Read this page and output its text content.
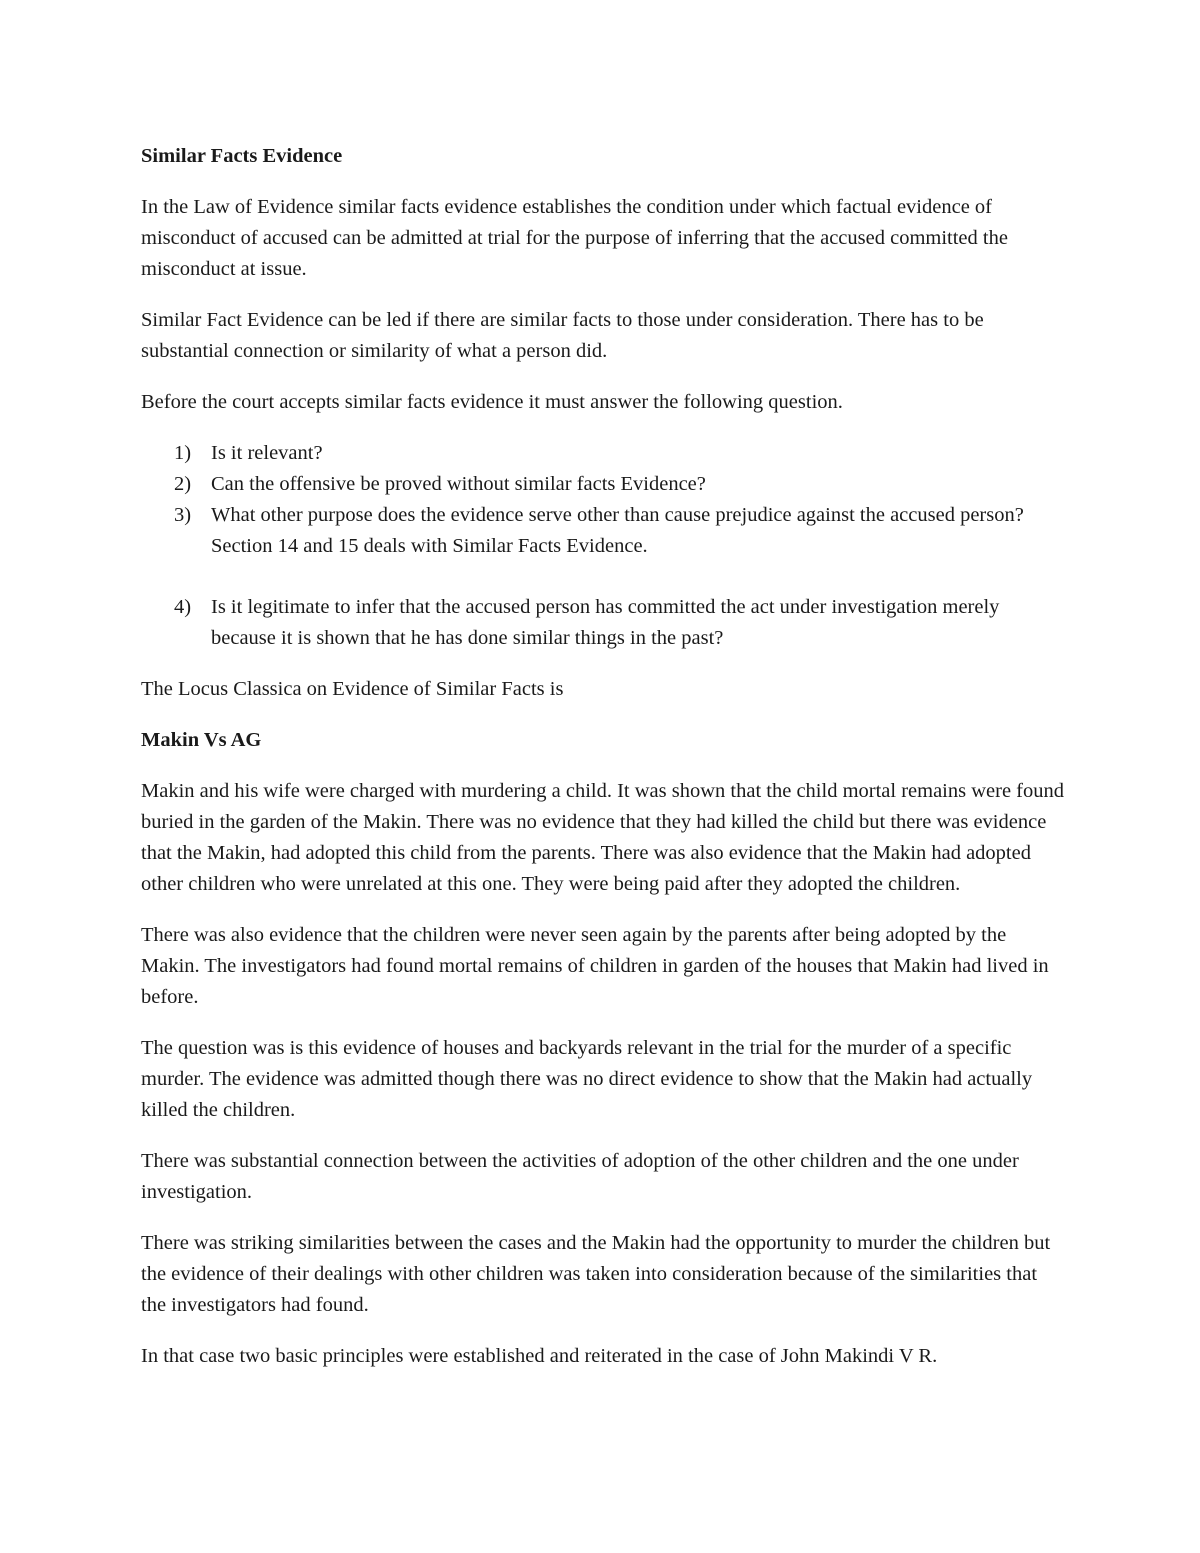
Similar Facts Evidence

In the Law of Evidence similar facts evidence establishes the condition under which factual evidence of misconduct of accused can be admitted at trial for the purpose of inferring that the accused committed the misconduct at issue.

Similar Fact Evidence can be led if there are similar facts to those under consideration. There has to be substantial connection or similarity of what a person did.

Before the court accepts similar facts evidence it must answer the following question.

1) Is it relevant?
2) Can the offensive be proved without similar facts Evidence?
3) What other purpose does the evidence serve other than cause prejudice against the accused person? Section 14 and 15 deals with Similar Facts Evidence.
4) Is it legitimate to infer that the accused person has committed the act under investigation merely because it is shown that he has done similar things in the past?

The Locus Classica on Evidence of Similar Facts is

Makin Vs AG

Makin and his wife were charged with murdering a child. It was shown that the child mortal remains were found buried in the garden of the Makin. There was no evidence that they had killed the child but there was evidence that the Makin, had adopted this child from the parents. There was also evidence that the Makin had adopted other children who were unrelated at this one. They were being paid after they adopted the children.

There was also evidence that the children were never seen again by the parents after being adopted by the Makin. The investigators had found mortal remains of children in garden of the houses that Makin had lived in before.

The question was is this evidence of houses and backyards relevant in the trial for the murder of a specific murder. The evidence was admitted though there was no direct evidence to show that the Makin had actually killed the children.

There was substantial connection between the activities of adoption of the other children and the one under investigation.

There was striking similarities between the cases and the Makin had the opportunity to murder the children but the evidence of their dealings with other children was taken into consideration because of the similarities that the investigators had found.

In that case two basic principles were established and reiterated in the case of John Makindi V R.
